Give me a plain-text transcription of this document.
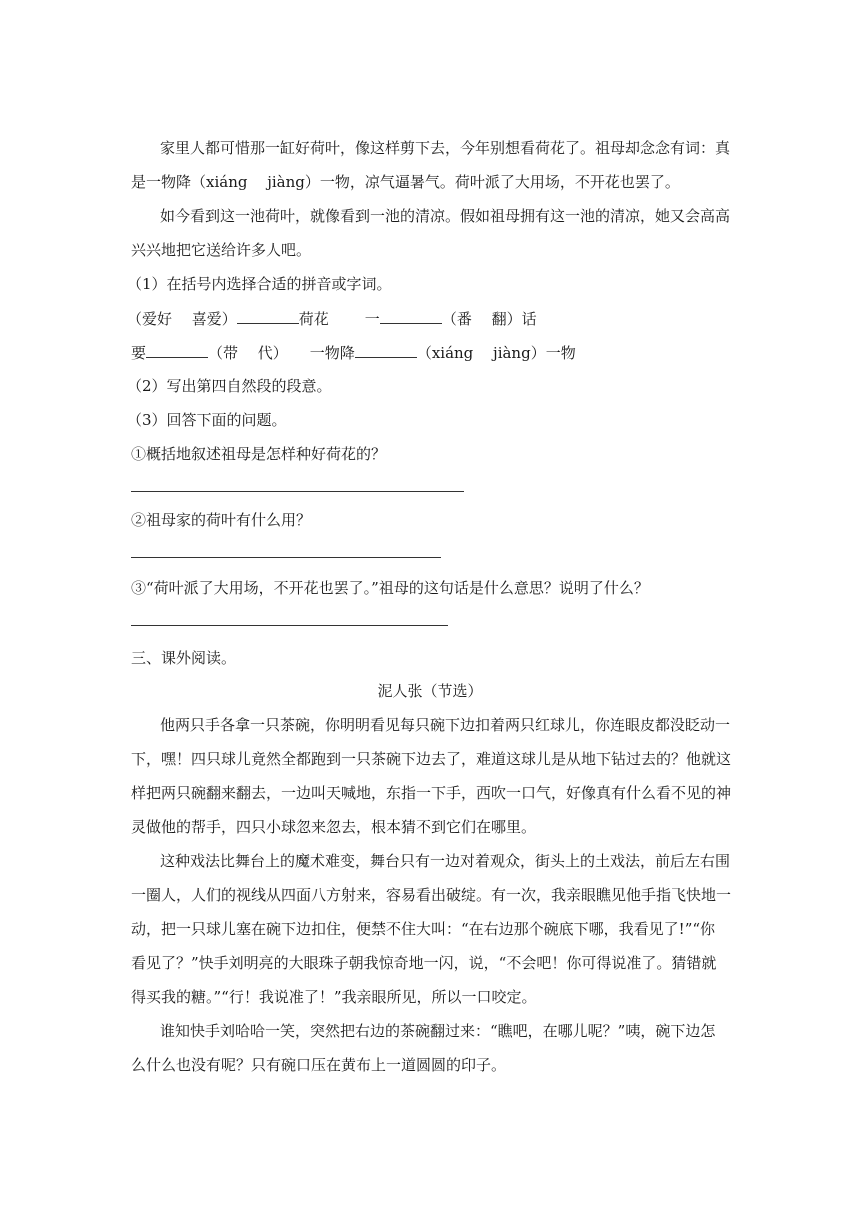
家里人都可惜那一缸好荷叶，像这样剪下去，今年别想看荷花了。祖母却念念有词：真
是一物降（xiáng　 jiàng）一物，凉气逼暑气。荷叶派了大用场，不开花也罢了。
如今看到这一池荷叶，就像看到一池的清凉。假如祖母拥有这一池的清凉，她又会高高
兴兴地把它送给许多人吧。
（1）在括号内选择合适的拼音或字词。
（爱好　 喜爱）	荷花 一	（番　 翻）话
要	（带　 代） 一物降	（xiáng　 jiàng）一物
（2）写出第四自然段的段意。
（3）回答下面的问题。
①概括地叙述祖母是怎样种好荷花的？
②祖母家的荷叶有什么用？
③“荷叶派了大用场，不开花也罢了。”祖母的这句话是什么意思？说明了什么？
三、课外阅读。
泥人张（节选）
他两只手各拿一只茶碗，你明明看见每只碗下边扣着两只红球儿，你连眼皮都没眨动一
下，嘿！四只球儿竟然全都跑到一只茶碗下边去了，难道这球儿是从地下钻过去的？他就这
样把两只碗翻来翻去，一边叫天喊地，东指一下手，西吹一口气，好像真有什么看不见的神
灵做他的帮手，四只小球忽来忽去，根本猜不到它们在哪里。
这种戏法比舞台上的魔术难变，舞台只有一边对着观众，街头上的土戏法，前后左右围
一圈人，人们的视线从四面八方射来，容易看出破绽。有一次，我亲眼瞧见他手指飞快地一
动，把一只球儿塞在碗下边扣住，便禁不住大叫：“在右边那个碗底下哪，我看见了!”“你
看见了？”快手刘明亮的大眼珠子朝我惊奇地一闪，说，“不会吧！你可得说准了。猜错就
得买我的糖。”“行！我说准了！”我亲眼所见，所以一口咬定。
谁知快手刘哈哈一笑，突然把右边的茶碗翻过来：“瞧吧，在哪儿呢？”咦，碗下边怎
么什么也没有呢？只有碗口压在黄布上一道圆圆的印子。
